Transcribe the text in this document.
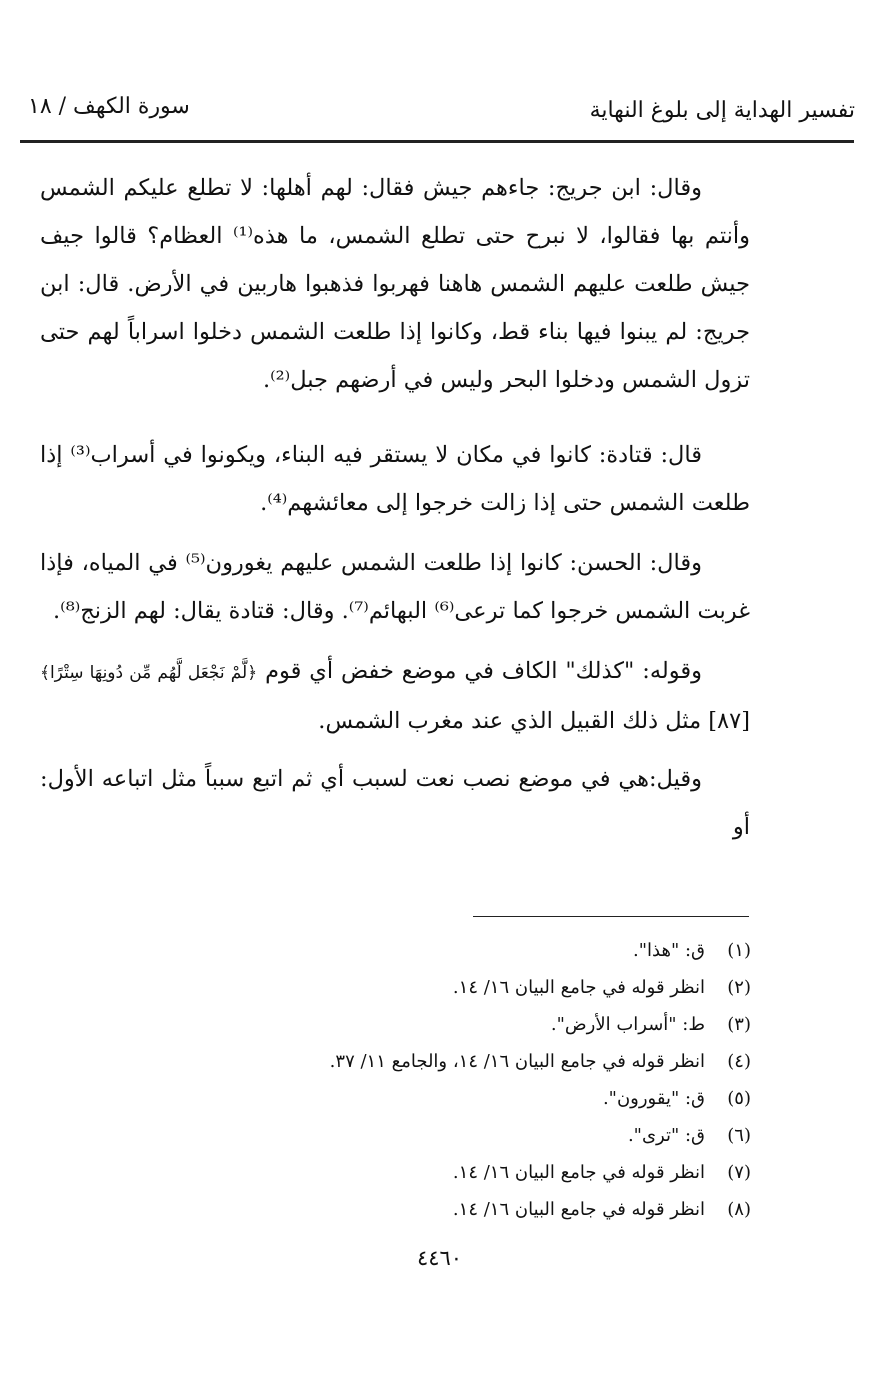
تفسير الهداية إلى بلوغ النهاية
سورة الكهف / ١٨

وقال: ابن جريج: جاءهم جيش فقال: لهم أهلها: لا تطلع عليكم الشمس وأنتم بها فقالوا، لا نبرح حتى تطلع الشمس، ما هذه⁽¹⁾ العظام؟ قالوا جيف جيش طلعت عليهم الشمس هاهنا فهربوا فذهبوا هاربين في الأرض. قال: ابن جريج: لم يبنوا فيها بناء قط، وكانوا إذا طلعت الشمس دخلوا اسراباً لهم حتى تزول الشمس ودخلوا البحر وليس في أرضهم جبل⁽²⁾.

قال: قتادة: كانوا في مكان لا يستقر فيه البناء، ويكونوا في أسراب⁽³⁾ إذا طلعت الشمس حتى إذا زالت خرجوا إلى معائشهم⁽⁴⁾.

وقال: الحسن: كانوا إذا طلعت الشمس عليهم يغورون⁽⁵⁾ في المياه، فإذا غربت الشمس خرجوا كما ترعى⁽⁶⁾ البهائم⁽⁷⁾. وقال: قتادة يقال: لهم الزنج⁽⁸⁾.

وقوله: "كذلك" الكاف في موضع خفض أي قوم ﴿لَّمْ نَجْعَل لَّهُم مِّن دُونِهَا سِتْرًا﴾[٨٧] مثل ذلك القبيل الذي عند مغرب الشمس.

وقيل:هي في موضع نصب نعت لسبب أي ثم اتبع سبباً مثل اتباعه الأول: أو

(١)
ق: "هذا".
(٢)
انظر قوله في جامع البيان ١٦/ ١٤.
(٣)
ط: "أسراب الأرض".
(٤)
انظر قوله في جامع البيان ١٦/ ١٤، والجامع ١١/ ٣٧.
(٥)
ق: "يقورون".
(٦)
ق: "ترى".
(٧)
انظر قوله في جامع البيان ١٦/ ١٤.
(٨)
انظر قوله في جامع البيان ١٦/ ١٤.
٤٤٦٠
